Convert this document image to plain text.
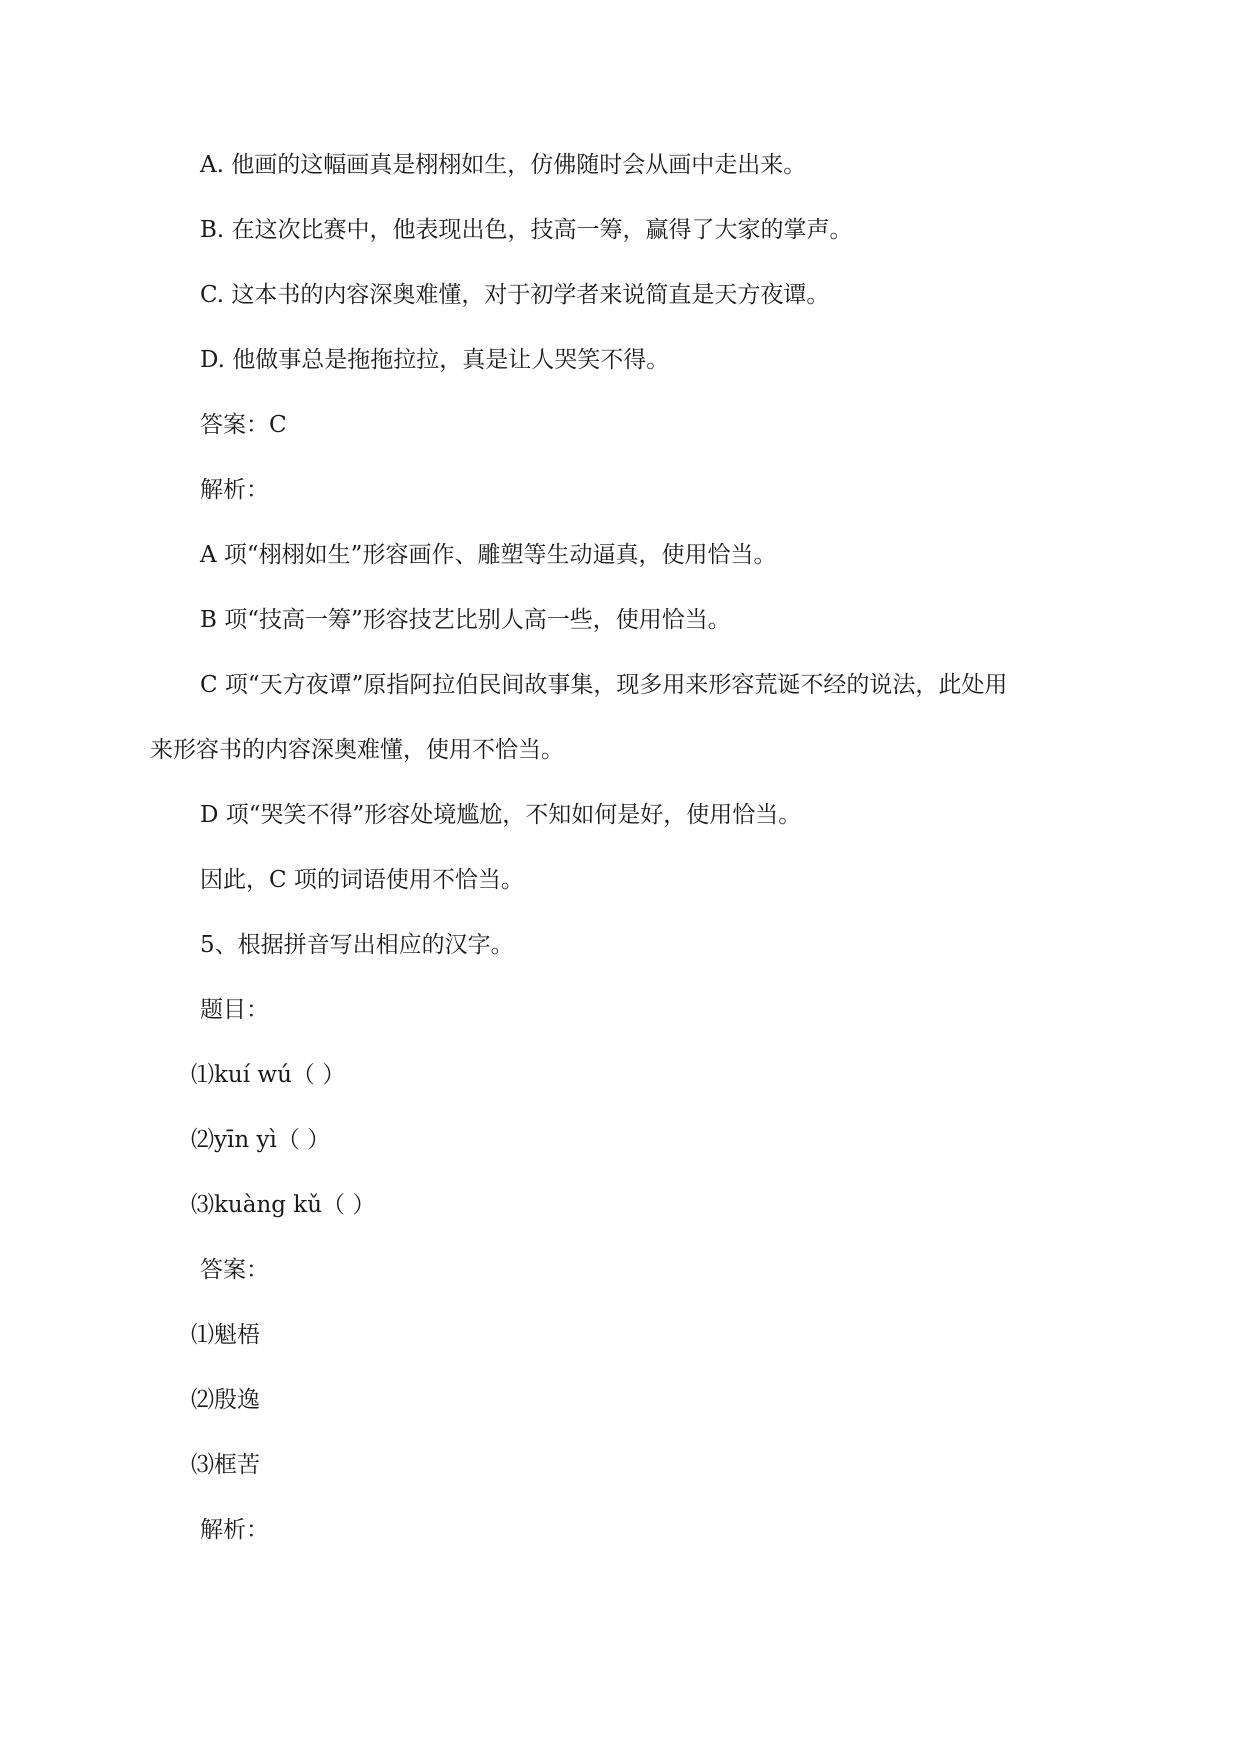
A. 他画的这幅画真是栩栩如生，仿佛随时会从画中走出来。
B. 在这次比赛中，他表现出色，技高一筹，赢得了大家的掌声。
C. 这本书的内容深奥难懂，对于初学者来说简直是天方夜谭。
D. 他做事总是拖拖拉拉，真是让人哭笑不得。
答案：C
解析：
A 项“栩栩如生”形容画作、雕塑等生动逼真，使用恰当。
B 项“技高一筹”形容技艺比别人高一些，使用恰当。
C 项“天方夜谭”原指阿拉伯民间故事集，现多用来形容荒诞不经的说法，此处用
来形容书的内容深奥难懂，使用不恰当。
D 项“哭笑不得”形容处境尴尬，不知如何是好，使用恰当。
因此，C 项的词语使用不恰当。
5、根据拼音写出相应的汉字。
题目：
⑴kuí wú（ ）
⑵yīn yì（ ）
⑶kuàng kǔ（ ）
答案：
⑴魁梧
⑵殷逸
⑶框苦
解析：
